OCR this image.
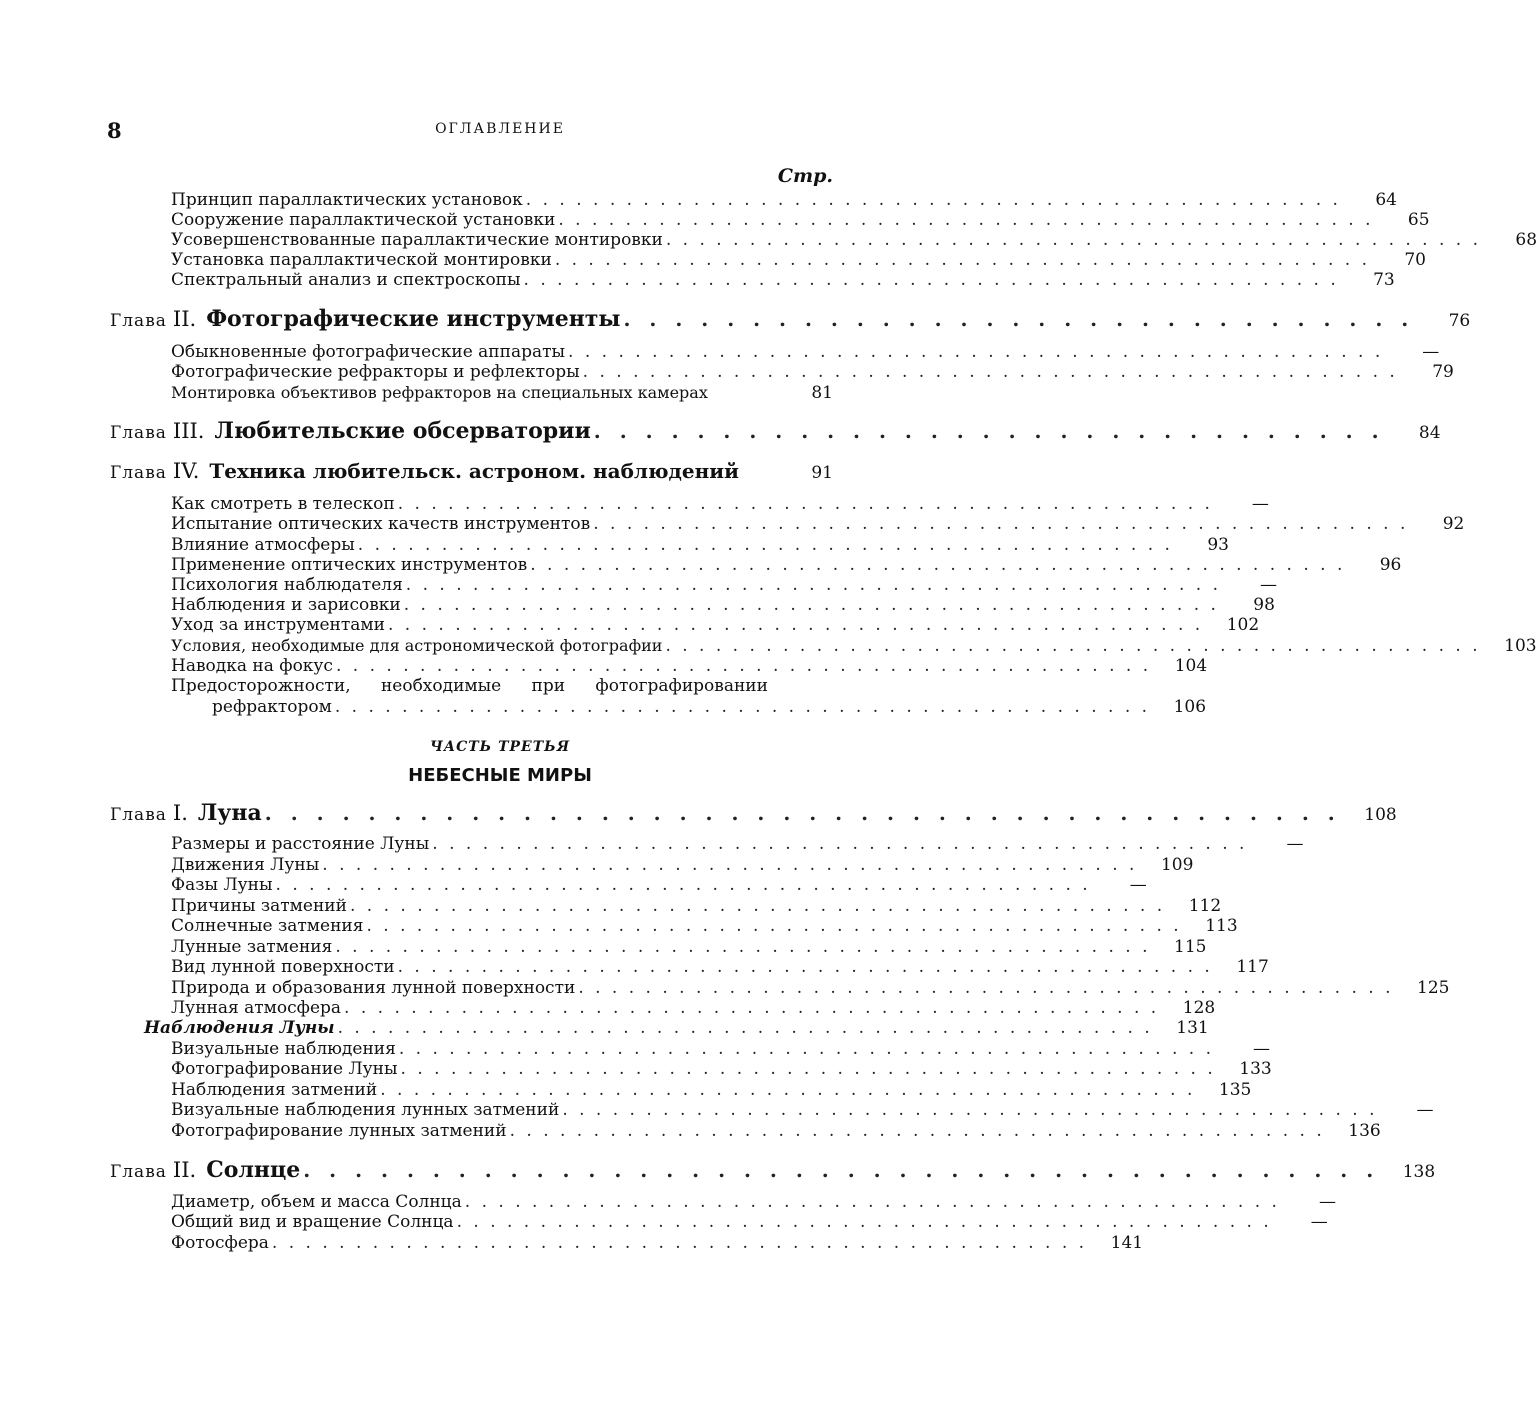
8	ОГЛАВЛЕНИЕ
Стр.
Принцип параллактических установок . . . . . . . . . . . . . . . . . . . . . . . . . . . . . . . . . . . . . . . . . . . . . . . . .	64
Сооружение параллактической установки . . . . . . . . . . . . . . . . . . . . . . . . . . . . . . . . . . . . . . . . . . . . . . . . .	65
Усовершенствованные параллактические монтировки . . . . . . . . . . . . . . . . . . . . . . . . . . . . . . . . . . . . . . . . . . . . . . . . .	68
Установка параллактической монтировки . . . . . . . . . . . . . . . . . . . . . . . . . . . . . . . . . . . . . . . . . . . . . . . . .	70
Спектральный анализ и спектроскопы . . . . . . . . . . . . . . . . . . . . . . . . . . . . . . . . . . . . . . . . . . . . . . . . .	73
Глава II. Фотографические инструменты . . . . . . . . . . . . . . . . . . . . . . . . . . . . . . .	76
Обыкновенные фотографические аппараты . . . . . . . . . . . . . . . . . . . . . . . . . . . . . . . . . . . . . . . . . . . . . . . . .	—
Фотографические рефракторы и рефлекторы . . . . . . . . . . . . . . . . . . . . . . . . . . . . . . . . . . . . . . . . . . . . . . . . .	79
Монтировка объективов рефракторов на специальных камерах	81
Глава III. Любительские обсерватории . . . . . . . . . . . . . . . . . . . . . . . . . . . . . . .	84
Глава IV. Техника любительск. астроном. наблюдений	91
Как смотреть в телескоп . . . . . . . . . . . . . . . . . . . . . . . . . . . . . . . . . . . . . . . . . . . . . . . . .	—
Испытание оптических качеств инструментов . . . . . . . . . . . . . . . . . . . . . . . . . . . . . . . . . . . . . . . . . . . . . . . . .	92
Влияние атмосферы . . . . . . . . . . . . . . . . . . . . . . . . . . . . . . . . . . . . . . . . . . . . . . . . .	93
Применение оптических инструментов . . . . . . . . . . . . . . . . . . . . . . . . . . . . . . . . . . . . . . . . . . . . . . . . .	96
Психология наблюдателя . . . . . . . . . . . . . . . . . . . . . . . . . . . . . . . . . . . . . . . . . . . . . . . . .	—
Наблюдения и зарисовки . . . . . . . . . . . . . . . . . . . . . . . . . . . . . . . . . . . . . . . . . . . . . . . . .	98
Уход за инструментами . . . . . . . . . . . . . . . . . . . . . . . . . . . . . . . . . . . . . . . . . . . . . . . . .	102
Условия, необходимые для астрономической фотографии . . . . . . . . . . . . . . . . . . . . . . . . . . . . . . . . . . . . . . . . . . . . . . . . .	103
Наводка на фокус . . . . . . . . . . . . . . . . . . . . . . . . . . . . . . . . . . . . . . . . . . . . . . . . .	104
Предосторожности, необходимые при фотографировании
рефрактором . . . . . . . . . . . . . . . . . . . . . . . . . . . . . . . . . . . . . . . . . . . . . . . . .	106
ЧАСТЬ ТРЕТЬЯ
НЕБЕСНЫЕ МИРЫ
Глава I. Луна . . . . . . . . . . . . . . . . . . . . . . . . . . . . . . . . . . . . . . . . . .	108
Размеры и расстояние Луны . . . . . . . . . . . . . . . . . . . . . . . . . . . . . . . . . . . . . . . . . . . . . . . . .	—
Движения Луны . . . . . . . . . . . . . . . . . . . . . . . . . . . . . . . . . . . . . . . . . . . . . . . . .	109
Фазы Луны . . . . . . . . . . . . . . . . . . . . . . . . . . . . . . . . . . . . . . . . . . . . . . . . .	—
Причины затмений . . . . . . . . . . . . . . . . . . . . . . . . . . . . . . . . . . . . . . . . . . . . . . . . .	112
Солнечные затмения . . . . . . . . . . . . . . . . . . . . . . . . . . . . . . . . . . . . . . . . . . . . . . . . .	113
Лунные затмения . . . . . . . . . . . . . . . . . . . . . . . . . . . . . . . . . . . . . . . . . . . . . . . . .	115
Вид лунной поверхности . . . . . . . . . . . . . . . . . . . . . . . . . . . . . . . . . . . . . . . . . . . . . . . . .	117
Природа и образования лунной поверхности . . . . . . . . . . . . . . . . . . . . . . . . . . . . . . . . . . . . . . . . . . . . . . . . .	125
Лунная атмосфера . . . . . . . . . . . . . . . . . . . . . . . . . . . . . . . . . . . . . . . . . . . . . . . . .	128
Наблюдения Луны . . . . . . . . . . . . . . . . . . . . . . . . . . . . . . . . . . . . . . . . . . . . . . . . .	131
Визуальные наблюдения . . . . . . . . . . . . . . . . . . . . . . . . . . . . . . . . . . . . . . . . . . . . . . . . .	—
Фотографирование Луны . . . . . . . . . . . . . . . . . . . . . . . . . . . . . . . . . . . . . . . . . . . . . . . . .	133
Наблюдения затмений . . . . . . . . . . . . . . . . . . . . . . . . . . . . . . . . . . . . . . . . . . . . . . . . .	135
Визуальные наблюдения лунных затмений . . . . . . . . . . . . . . . . . . . . . . . . . . . . . . . . . . . . . . . . . . . . . . . . .	—
Фотографирование лунных затмений . . . . . . . . . . . . . . . . . . . . . . . . . . . . . . . . . . . . . . . . . . . . . . . . .	136
Глава II. Солнце . . . . . . . . . . . . . . . . . . . . . . . . . . . . . . . . . . . . . . . . . .	138
Диаметр, объем и масса Солнца . . . . . . . . . . . . . . . . . . . . . . . . . . . . . . . . . . . . . . . . . . . . . . . . .	—
Общий вид и вращение Солнца . . . . . . . . . . . . . . . . . . . . . . . . . . . . . . . . . . . . . . . . . . . . . . . . .	—
Фотосфера . . . . . . . . . . . . . . . . . . . . . . . . . . . . . . . . . . . . . . . . . . . . . . . . .	141
